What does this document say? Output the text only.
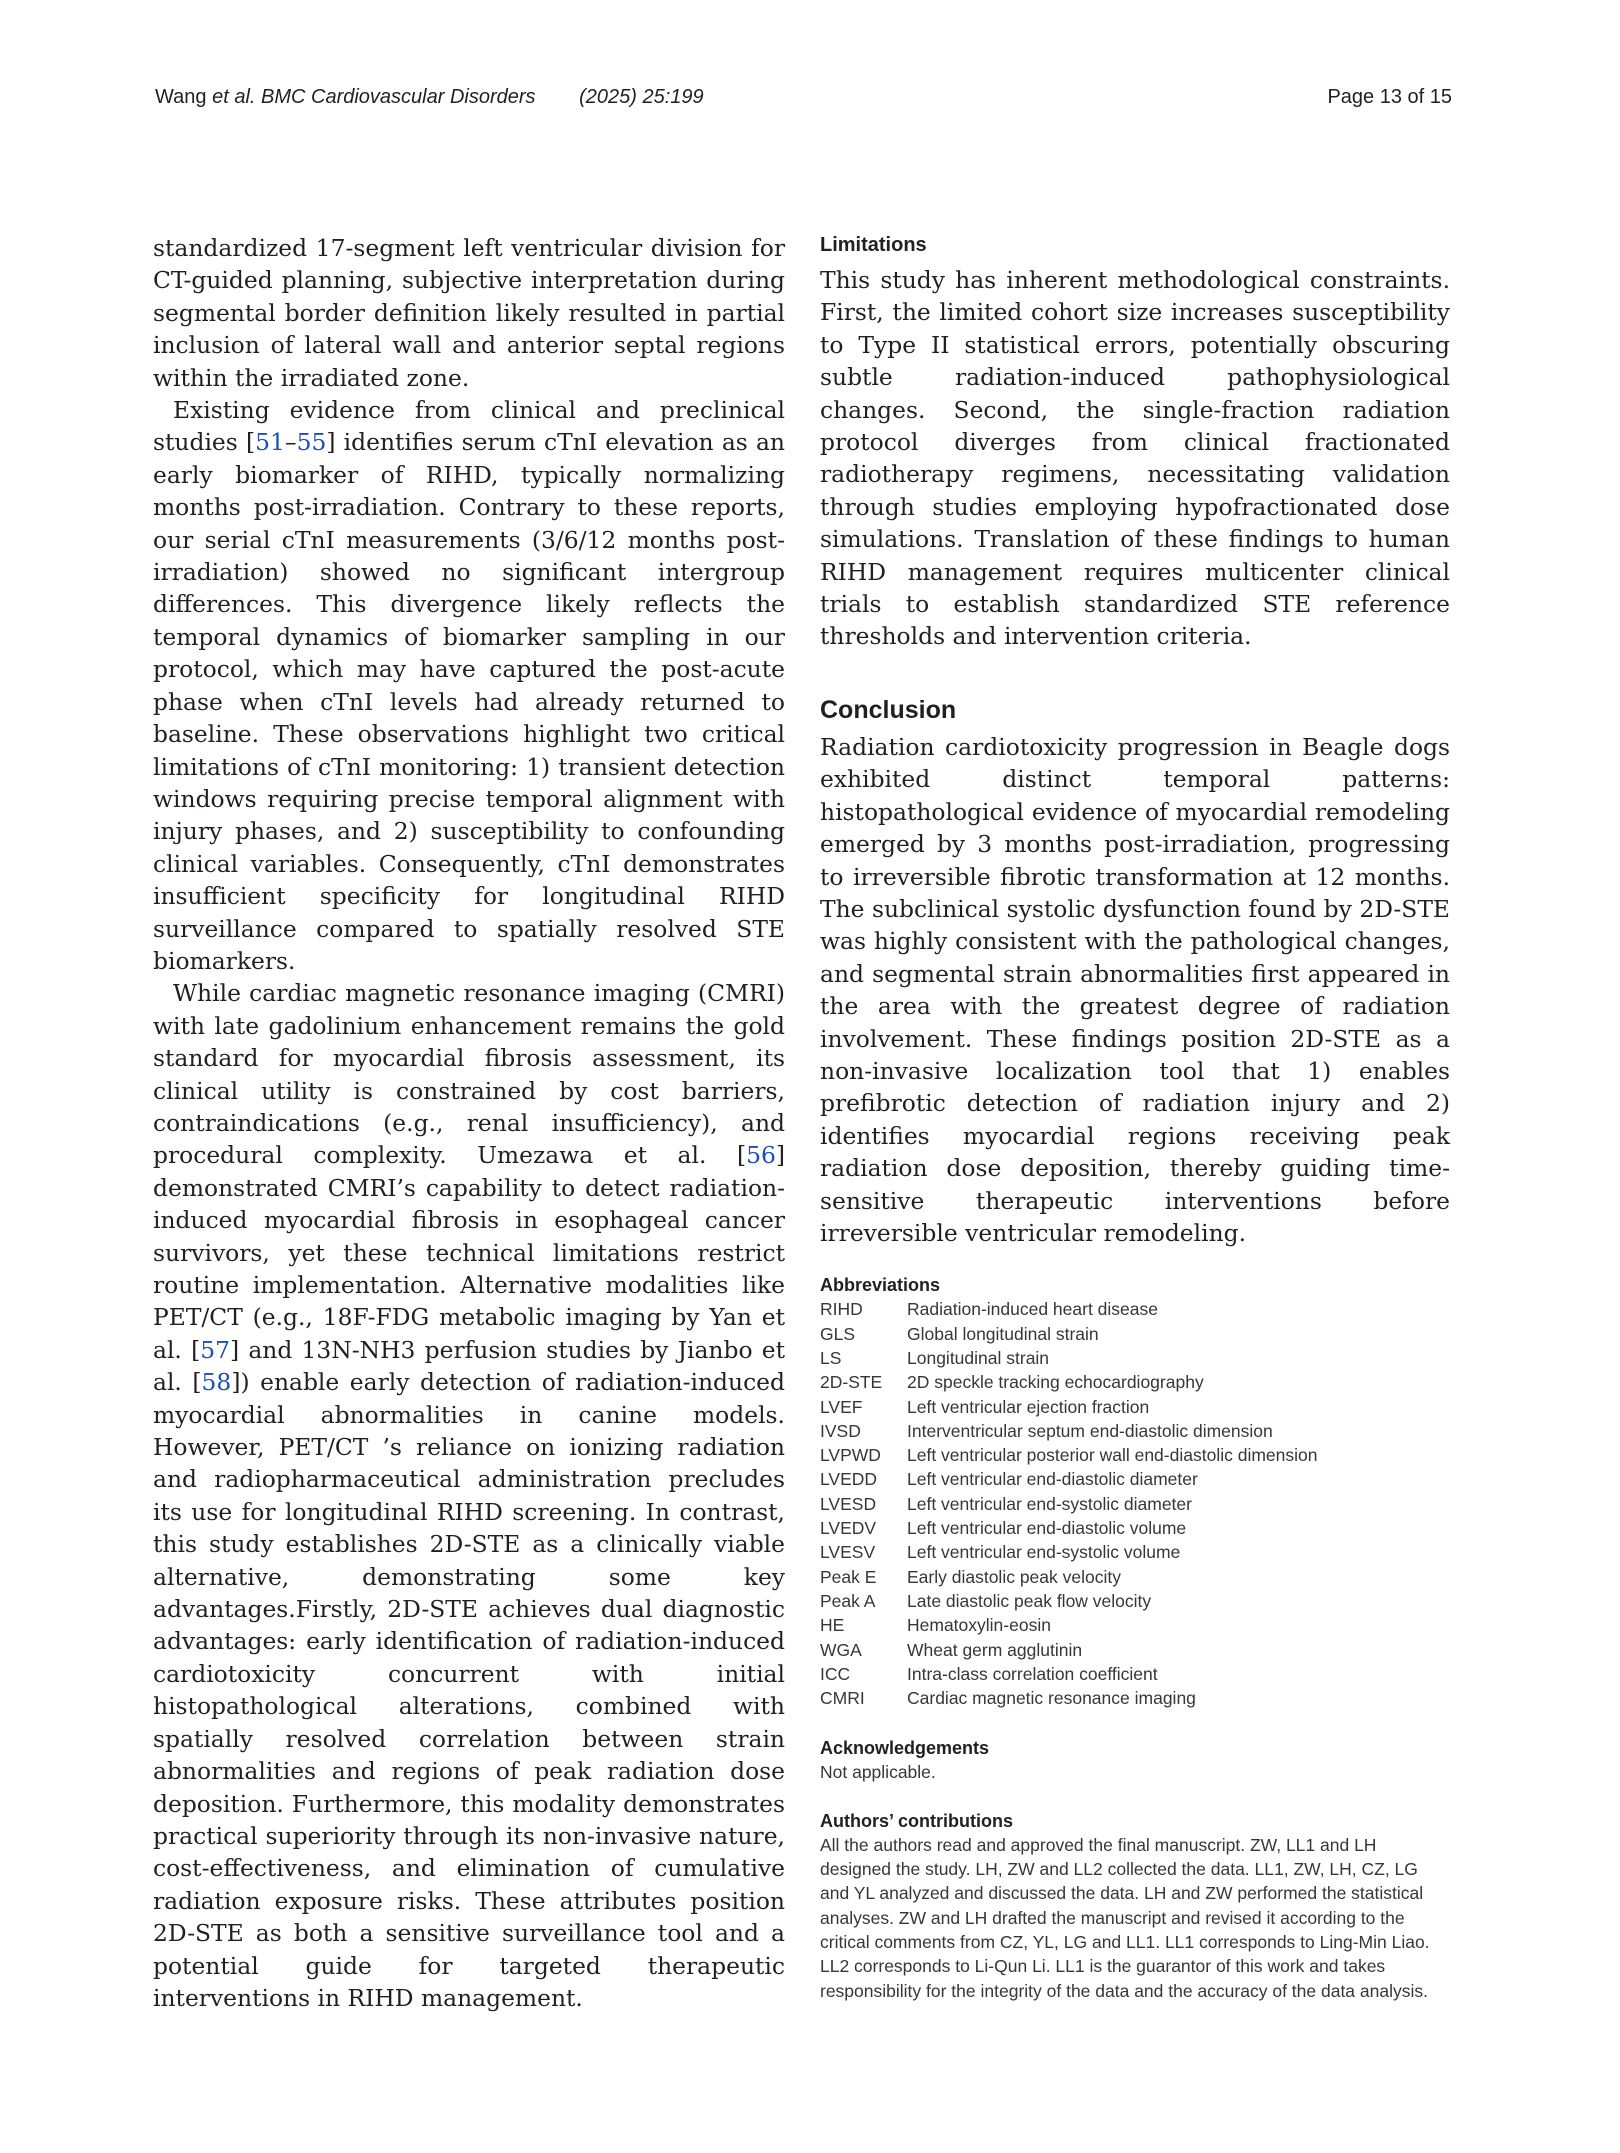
Wang et al. BMC Cardiovascular Disorders (2025) 25:199	Page 13 of 15

standardized 17-segment left ventricular division for CT-guided planning, subjective interpretation during segmental border definition likely resulted in partial inclusion of lateral wall and anterior septal regions within the irradiated zone.

Existing evidence from clinical and preclinical studies [51–55] identifies serum cTnI elevation as an early biomarker of RIHD, typically normalizing months post-irradiation. Contrary to these reports, our serial cTnI measurements (3/6/12 months post-irradiation) showed no significant intergroup differences. This divergence likely reflects the temporal dynamics of biomarker sampling in our protocol, which may have captured the post-acute phase when cTnI levels had already returned to baseline. These observations highlight two critical limitations of cTnI monitoring: 1) transient detection windows requiring precise temporal alignment with injury phases, and 2) susceptibility to confounding clinical variables. Consequently, cTnI demonstrates insufficient specificity for longitudinal RIHD surveillance compared to spatially resolved STE biomarkers.

While cardiac magnetic resonance imaging (CMRI) with late gadolinium enhancement remains the gold standard for myocardial fibrosis assessment, its clinical utility is constrained by cost barriers, contraindications (e.g., renal insufficiency), and procedural complexity. Umezawa et al. [56] demonstrated CMRI’s capability to detect radiation-induced myocardial fibrosis in esophageal cancer survivors, yet these technical limitations restrict routine implementation. Alternative modalities like PET/CT (e.g., 18F-FDG metabolic imaging by Yan et al. [57] and 13N-NH3 perfusion studies by Jianbo et al. [58]) enable early detection of radiation-induced myocardial abnormalities in canine models. However, PET/CT ’s reliance on ionizing radiation and radiopharmaceutical administration precludes its use for longitudinal RIHD screening. In contrast, this study establishes 2D-STE as a clinically viable alternative, demonstrating some key advantages.Firstly, 2D-STE achieves dual diagnostic advantages: early identification of radiation-induced cardiotoxicity concurrent with initial histopathological alterations, combined with spatially resolved correlation between strain abnormalities and regions of peak radiation dose deposition. Furthermore, this modality demonstrates practical superiority through its non-invasive nature, cost-effectiveness, and elimination of cumulative radiation exposure risks. These attributes position 2D-STE as both a sensitive surveillance tool and a potential guide for targeted therapeutic interventions in RIHD management.

Limitations

This study has inherent methodological constraints. First, the limited cohort size increases susceptibility to Type II statistical errors, potentially obscuring subtle radiation-induced pathophysiological changes. Second, the single-fraction radiation protocol diverges from clinical fractionated radiotherapy regimens, necessitating validation through studies employing hypofractionated dose simulations. Translation of these findings to human RIHD management requires multicenter clinical trials to establish standardized STE reference thresholds and intervention criteria.

Conclusion

Radiation cardiotoxicity progression in Beagle dogs exhibited distinct temporal patterns: histopathological evidence of myocardial remodeling emerged by 3 months post-irradiation, progressing to irreversible fibrotic transformation at 12 months. The subclinical systolic dysfunction found by 2D-STE was highly consistent with the pathological changes, and segmental strain abnormalities first appeared in the area with the greatest degree of radiation involvement. These findings position 2D-STE as a non-invasive localization tool that 1) enables prefibrotic detection of radiation injury and 2) identifies myocardial regions receiving peak radiation dose deposition, thereby guiding time-sensitive therapeutic interventions before irreversible ventricular remodeling.

Abbreviations
RIHD	Radiation-induced heart disease
GLS	Global longitudinal strain
LS	Longitudinal strain
2D-STE	2D speckle tracking echocardiography
LVEF	Left ventricular ejection fraction
IVSD	Interventricular septum end-diastolic dimension
LVPWD	Left ventricular posterior wall end-diastolic dimension
LVEDD	Left ventricular end-diastolic diameter
LVESD	Left ventricular end-systolic diameter
LVEDV	Left ventricular end-diastolic volume
LVESV	Left ventricular end-systolic volume
Peak E	Early diastolic peak velocity
Peak A	Late diastolic peak flow velocity
HE	Hematoxylin-eosin
WGA	Wheat germ agglutinin
ICC	Intra-class correlation coefficient
CMRI	Cardiac magnetic resonance imaging
Acknowledgements

Not applicable.

Authors’ contributions

All the authors read and approved the final manuscript. ZW, LL1 and LH designed the study. LH, ZW and LL2 collected the data. LL1, ZW, LH, CZ, LG and YL analyzed and discussed the data. LH and ZW performed the statistical analyses. ZW and LH drafted the manuscript and revised it according to the critical comments from CZ, YL, LG and LL1. LL1 corresponds to Ling-Min Liao. LL2 corresponds to Li-Qun Li. LL1 is the guarantor of this work and takes responsibility for the integrity of the data and the accuracy of the data analysis.
